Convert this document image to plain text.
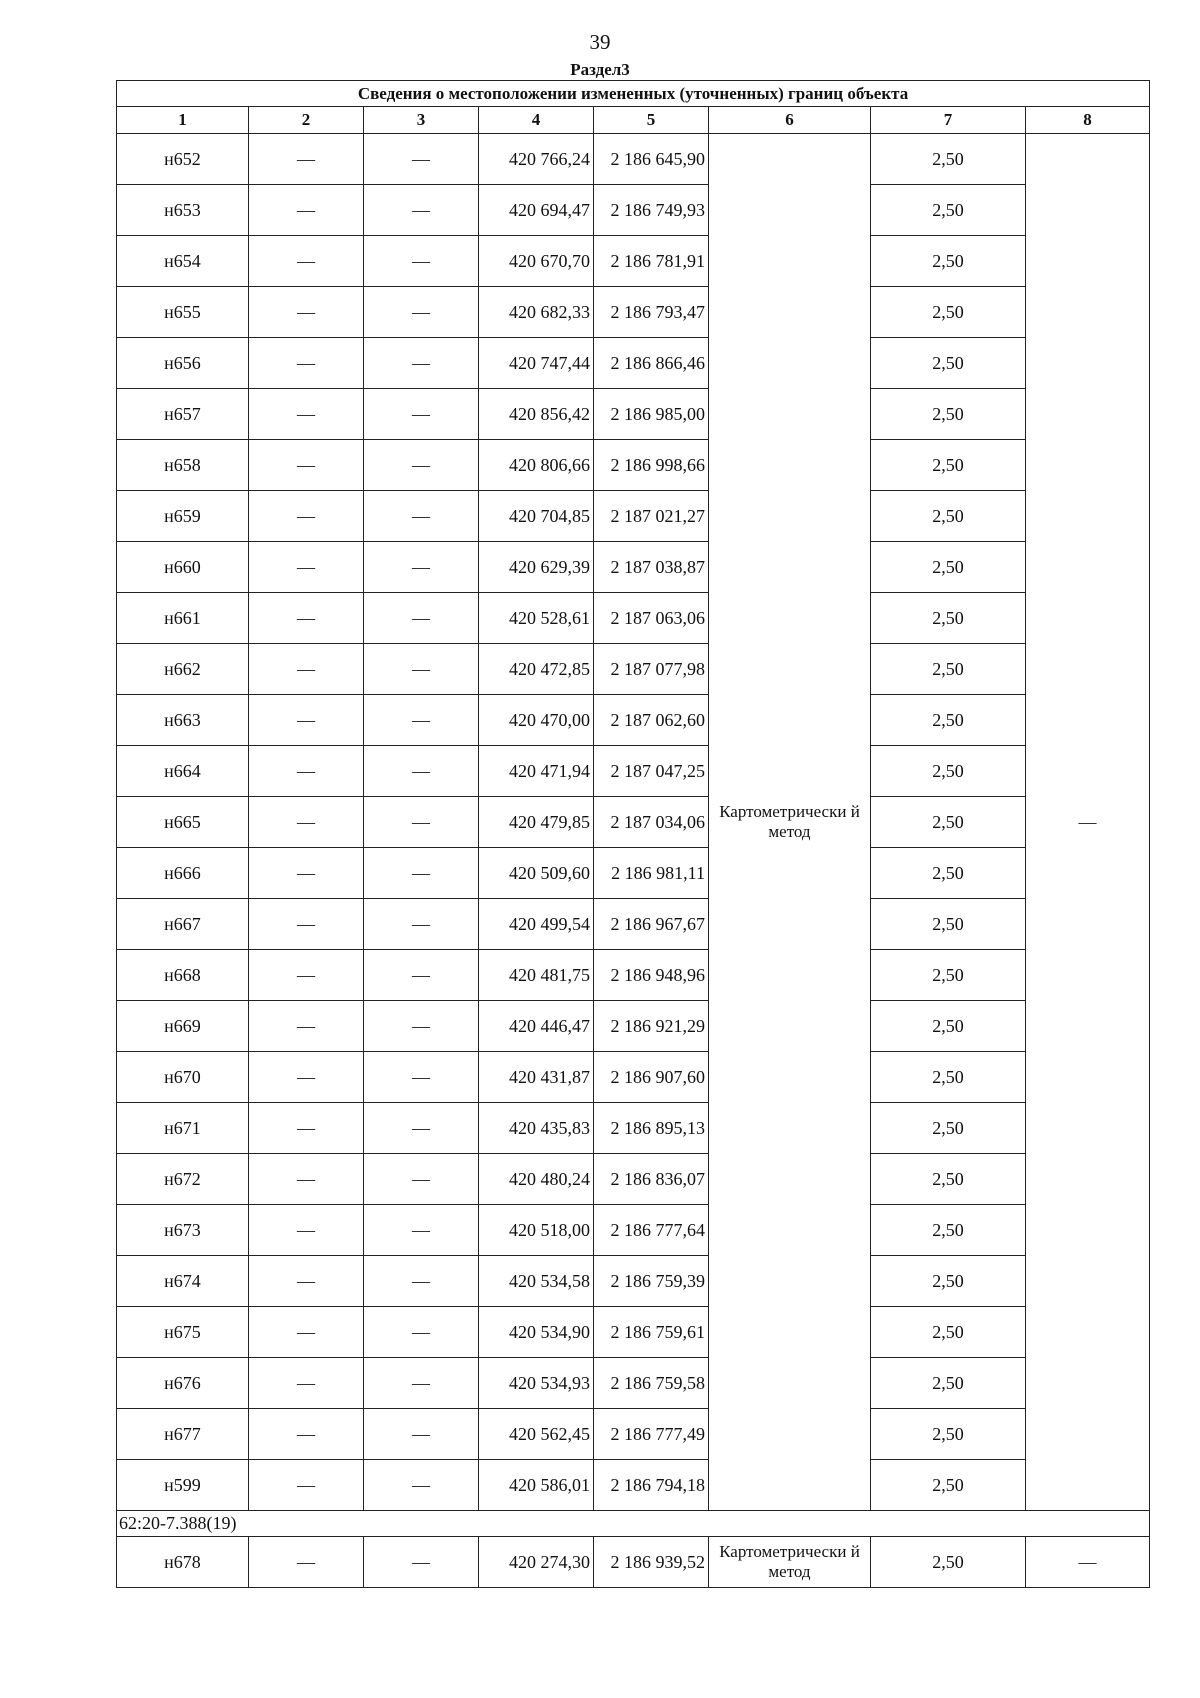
39
Раздел3
Сведения о местоположении измененных (уточненных) границ объекта							
1	2	3	4	5	6	7	8
н652	—	—	420 766,24	2 186 645,90	Картометрически й метод	2,50	—
н653	—	—	420 694,47	2 186 749,93		2,50	
н654	—	—	420 670,70	2 186 781,91		2,50	
н655	—	—	420 682,33	2 186 793,47		2,50	
н656	—	—	420 747,44	2 186 866,46		2,50	
н657	—	—	420 856,42	2 186 985,00		2,50	
н658	—	—	420 806,66	2 186 998,66		2,50	
н659	—	—	420 704,85	2 187 021,27		2,50	
н660	—	—	420 629,39	2 187 038,87		2,50	
н661	—	—	420 528,61	2 187 063,06		2,50	
н662	—	—	420 472,85	2 187 077,98		2,50	
н663	—	—	420 470,00	2 187 062,60		2,50	
н664	—	—	420 471,94	2 187 047,25		2,50	
н665	—	—	420 479,85	2 187 034,06		2,50	
н666	—	—	420 509,60	2 186 981,11		2,50	
н667	—	—	420 499,54	2 186 967,67		2,50	
н668	—	—	420 481,75	2 186 948,96		2,50	
н669	—	—	420 446,47	2 186 921,29		2,50	
н670	—	—	420 431,87	2 186 907,60		2,50	
н671	—	—	420 435,83	2 186 895,13		2,50	
н672	—	—	420 480,24	2 186 836,07		2,50	
н673	—	—	420 518,00	2 186 777,64		2,50	
н674	—	—	420 534,58	2 186 759,39		2,50	
н675	—	—	420 534,90	2 186 759,61		2,50	
н676	—	—	420 534,93	2 186 759,58		2,50	
н677	—	—	420 562,45	2 186 777,49		2,50	
н599	—	—	420 586,01	2 186 794,18		2,50	
62:20-7.388(19)							
н678	—	—	420 274,30	2 186 939,52	Картометрически й метод	2,50	—
